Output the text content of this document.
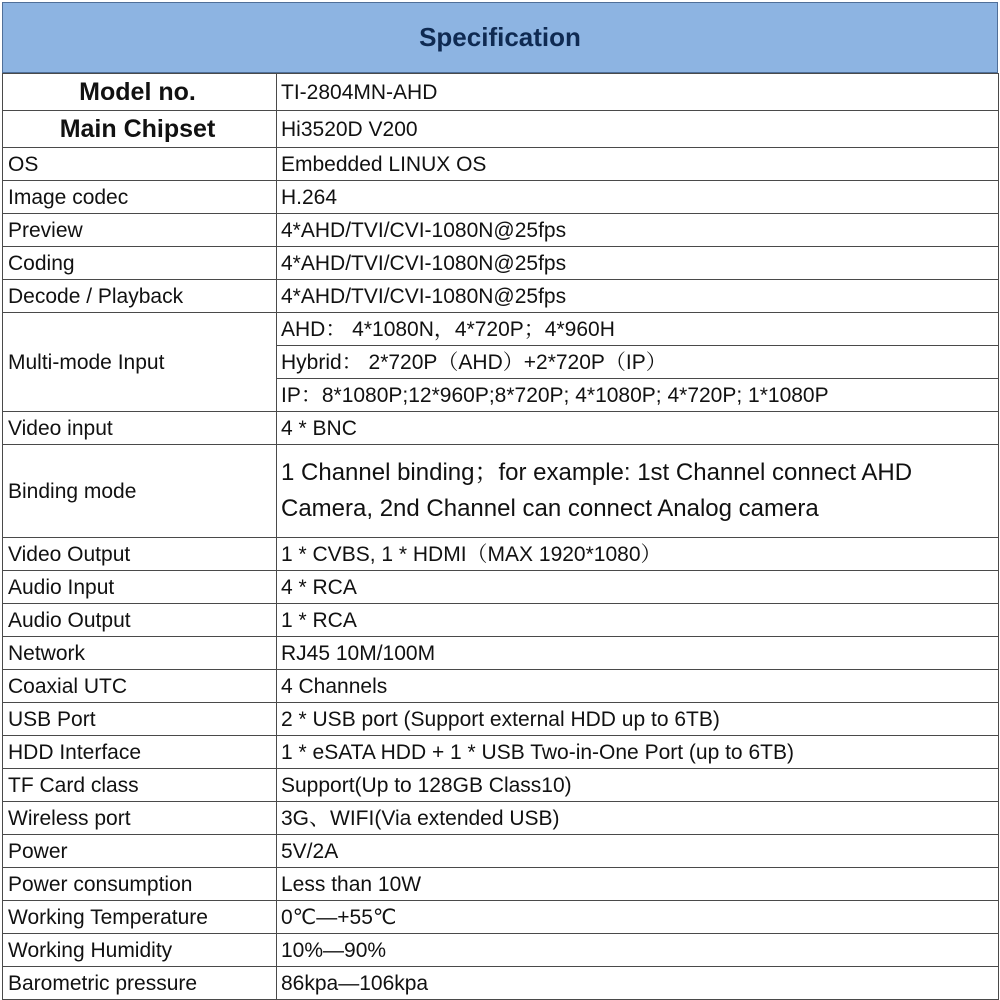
Specification
Model no.	TI-2804MN-AHD
Main Chipset	Hi3520D V200
OS	Embedded LINUX OS
Image codec	H.264
Preview	4*AHD/TVI/CVI-1080N@25fps
Coding	4*AHD/TVI/CVI-1080N@25fps
Decode / Playback	4*AHD/TVI/CVI-1080N@25fps
Multi-mode Input	AHD： 4*1080N，4*720P；4*960H
	Hybrid： 2*720P（AHD）+2*720P（IP）
	IP：8*1080P;12*960P;8*720P; 4*1080P; 4*720P; 1*1080P
Video input	4 * BNC
Binding mode	1 Channel binding；for example: 1st Channel connect AHD Camera, 2nd Channel can connect Analog camera
Video Output	1 * CVBS, 1 * HDMI（MAX 1920*1080）
Audio Input	4 * RCA
Audio Output	1 * RCA
Network	RJ45 10M/100M
Coaxial UTC	4 Channels
USB Port	2 * USB port (Support external HDD up to 6TB)
HDD Interface	1 * eSATA HDD + 1 * USB Two-in-One Port (up to 6TB)
TF Card class	Support(Up to 128GB Class10)
Wireless port	3G、WIFI(Via extended USB)
Power	5V/2A
Power consumption	Less than 10W
Working Temperature	0℃—+55℃
Working Humidity	10%—90%
Barometric pressure	86kpa—106kpa
